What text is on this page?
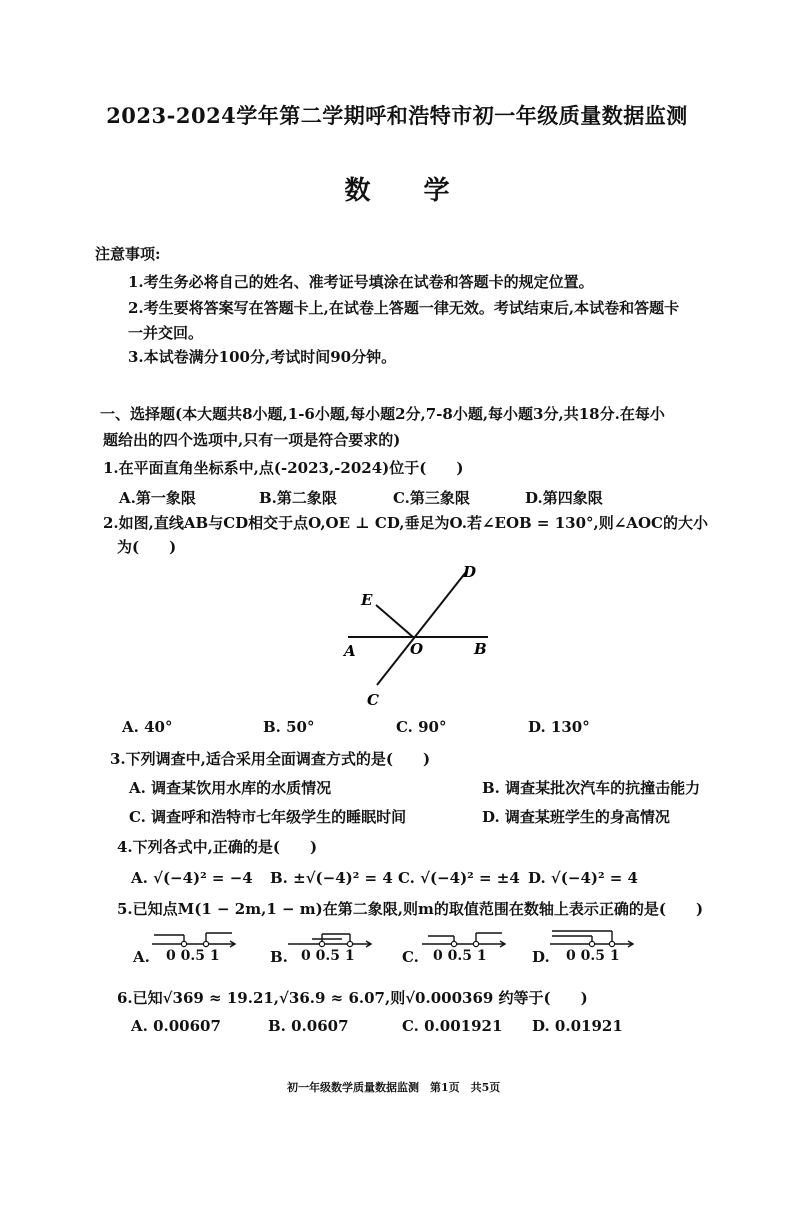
2023-2024学年第二学期呼和浩特市初一年级质量数据监测
数 学
注意事项:
1.考生务必将自己的姓名、准考证号填涂在试卷和答题卡的规定位置。
2.考生要将答案写在答题卡上,在试卷上答题一律无效。考试结束后,本试卷和答题卡
一并交回。
3.本试卷满分100分,考试时间90分钟。
一、选择题(本大题共8小题,1-6小题,每小题2分,7-8小题,每小题3分,共18分.在每小
题给出的四个选项中,只有一项是符合要求的)
1.在平面直角坐标系中,点(-2023,-2024)位于(　　)
A.第一象限	B.第二象限	C.第三象限	D.第四象限
2.如图,直线AB与CD相交于点O,OE ⊥ CD,垂足为O.若∠EOB = 130°,则∠AOC的大小
为(　　)
A	B
C
D
E
O
A. 40°	B. 50°	C. 90°	D. 130°
3.下列调查中,适合采用全面调查方式的是(　　)
A. 调查某饮用水库的水质情况	B. 调查某批次汽车的抗撞击能力
C. 调查呼和浩特市七年级学生的睡眠时间	D. 调查某班学生的身高情况
4.下列各式中,正确的是(　　)
A. √(−4)² = −4 B. ±√(−4)² = 4 C. √(−4)² = ±4 D. √(−4)² = 4
5.已知点M(1 − 2m,1 − m)在第二象限,则m的取值范围在数轴上表示正确的是(　　)
A. 0 0.5 1	B. 0 0.5 1	C. 0 0.5 1	D. 0 0.5 1
6.已知√369 ≈ 19.21,√36.9 ≈ 6.07,则√0.000369 约等于(　　)
A. 0.00607	B. 0.0607	C. 0.001921 D. 0.01921
初一年级数学质量数据监测　第1页　共5页
